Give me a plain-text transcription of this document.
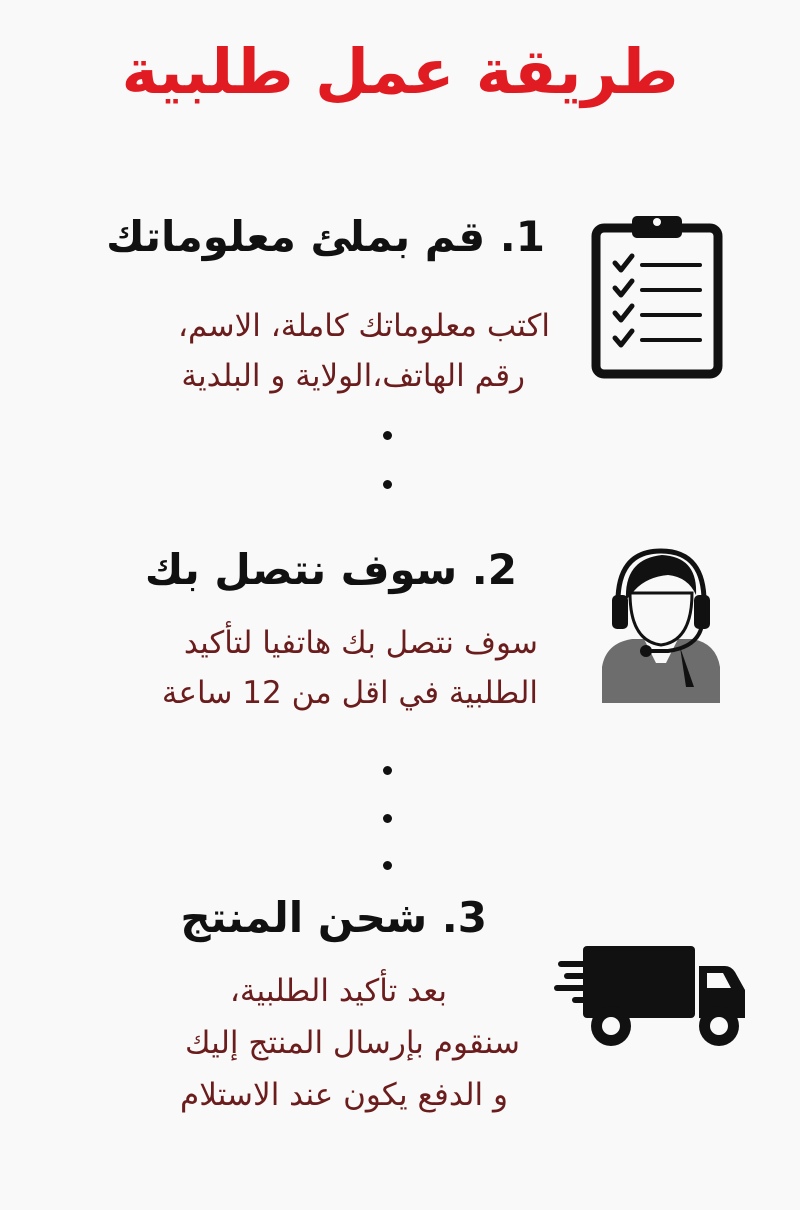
طريقة عمل طلبية
1. قم بملئ معلوماتك
اكتب معلوماتك كاملة، الاسم،
رقم الهاتف،الولاية و البلدية
2. سوف نتصل بك
سوف نتصل بك هاتفيا لتأكيد
الطلبية في اقل من 12 ساعة
3. شحن المنتج
بعد تأكيد الطلبية،
سنقوم بإرسال المنتج إليك
و الدفع يكون عند الاستلام
